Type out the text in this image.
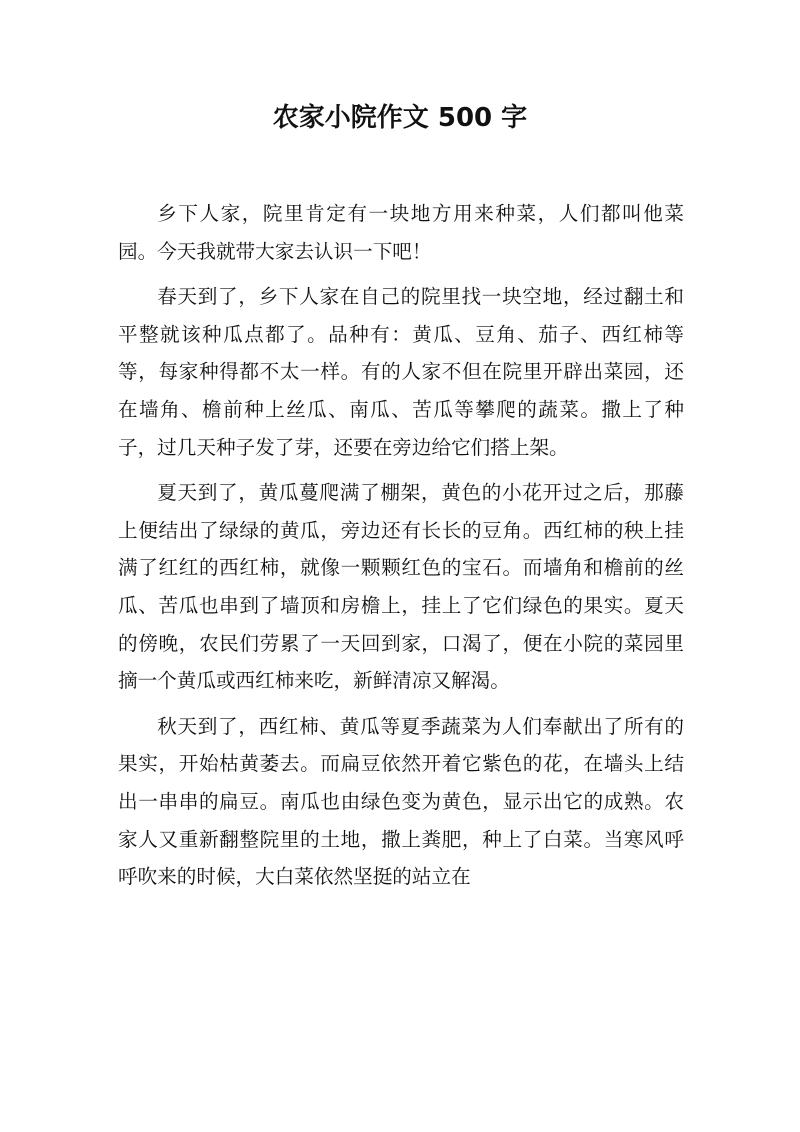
农家小院作文 500 字

乡下人家，院里肯定有一块地方用来种菜，人们都叫他菜园。今天我就带大家去认识一下吧！

春天到了，乡下人家在自己的院里找一块空地，经过翻土和平整就该种瓜点都了。品种有：黄瓜、豆角、茄子、西红柿等等，每家种得都不太一样。有的人家不但在院里开辟出菜园，还在墙角、檐前种上丝瓜、南瓜、苦瓜等攀爬的蔬菜。撒上了种子，过几天种子发了芽，还要在旁边给它们搭上架。

夏天到了，黄瓜蔓爬满了棚架，黄色的小花开过之后，那藤上便结出了绿绿的黄瓜，旁边还有长长的豆角。西红柿的秧上挂满了红红的西红柿，就像一颗颗红色的宝石。而墙角和檐前的丝瓜、苦瓜也串到了墙顶和房檐上，挂上了它们绿色的果实。夏天的傍晚，农民们劳累了一天回到家，口渴了，便在小院的菜园里摘一个黄瓜或西红柿来吃，新鲜清凉又解渴。

秋天到了，西红柿、黄瓜等夏季蔬菜为人们奉献出了所有的果实，开始枯黄萎去。而扁豆依然开着它紫色的花，在墙头上结出一串串的扁豆。南瓜也由绿色变为黄色，显示出它的成熟。农家人又重新翻整院里的土地，撒上粪肥，种上了白菜。当寒风呼呼吹来的时候，大白菜依然坚挺的站立在
